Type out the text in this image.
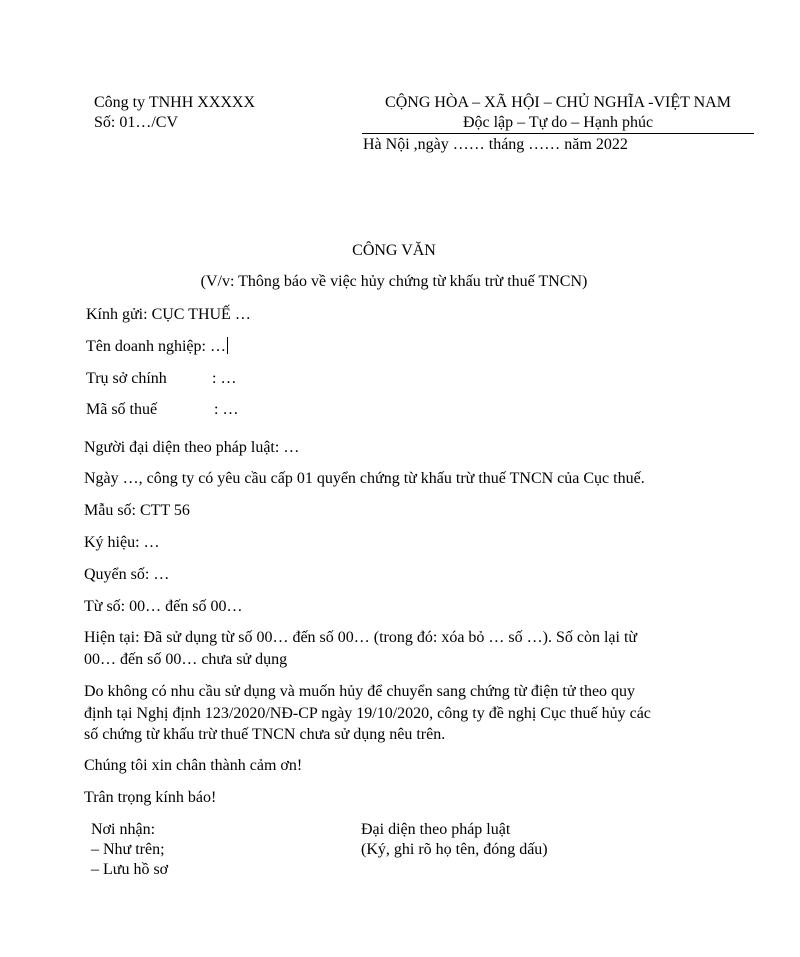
Công ty TNHH XXXXX
Số: 01…/CV
CỘNG HÒA – XÃ HỘI – CHỦ NGHĨA -VIỆT NAM
Độc lập – Tự do – Hạnh phúc
Hà Nội ,ngày …… tháng …… năm 2022
CÔNG VĂN
(V/v: Thông báo về việc hủy chứng từ khấu trừ thuế TNCN)
Kính gửi: CỤC THUẾ …
Tên doanh nghiệp: …
Trụ sở chính	: …
Mã số thuế	: …
Người đại diện theo pháp luật: …
Ngày …, công ty có yêu cầu cấp 01 quyển chứng từ khấu trừ thuế TNCN của Cục thuế.
Mẫu số: CTT 56
Ký hiệu: …
Quyển số: …
Từ số: 00… đến số 00…
Hiện tại: Đã sử dụng từ số 00… đến số 00… (trong đó: xóa bỏ … số …). Số còn lại từ
00… đến số 00… chưa sử dụng
Do không có nhu cầu sử dụng và muốn hủy để chuyển sang chứng từ điện tử theo quy
định tại Nghị định 123/2020/NĐ-CP ngày 19/10/2020, công ty đề nghị Cục thuế hủy các
số chứng từ khấu trừ thuế TNCN chưa sử dụng nêu trên.
Chúng tôi xin chân thành cảm ơn!
Trân trọng kính báo!
Nơi nhận:
– Như trên;
– Lưu hồ sơ
Đại diện theo pháp luật
(Ký, ghi rõ họ tên, đóng dấu)
